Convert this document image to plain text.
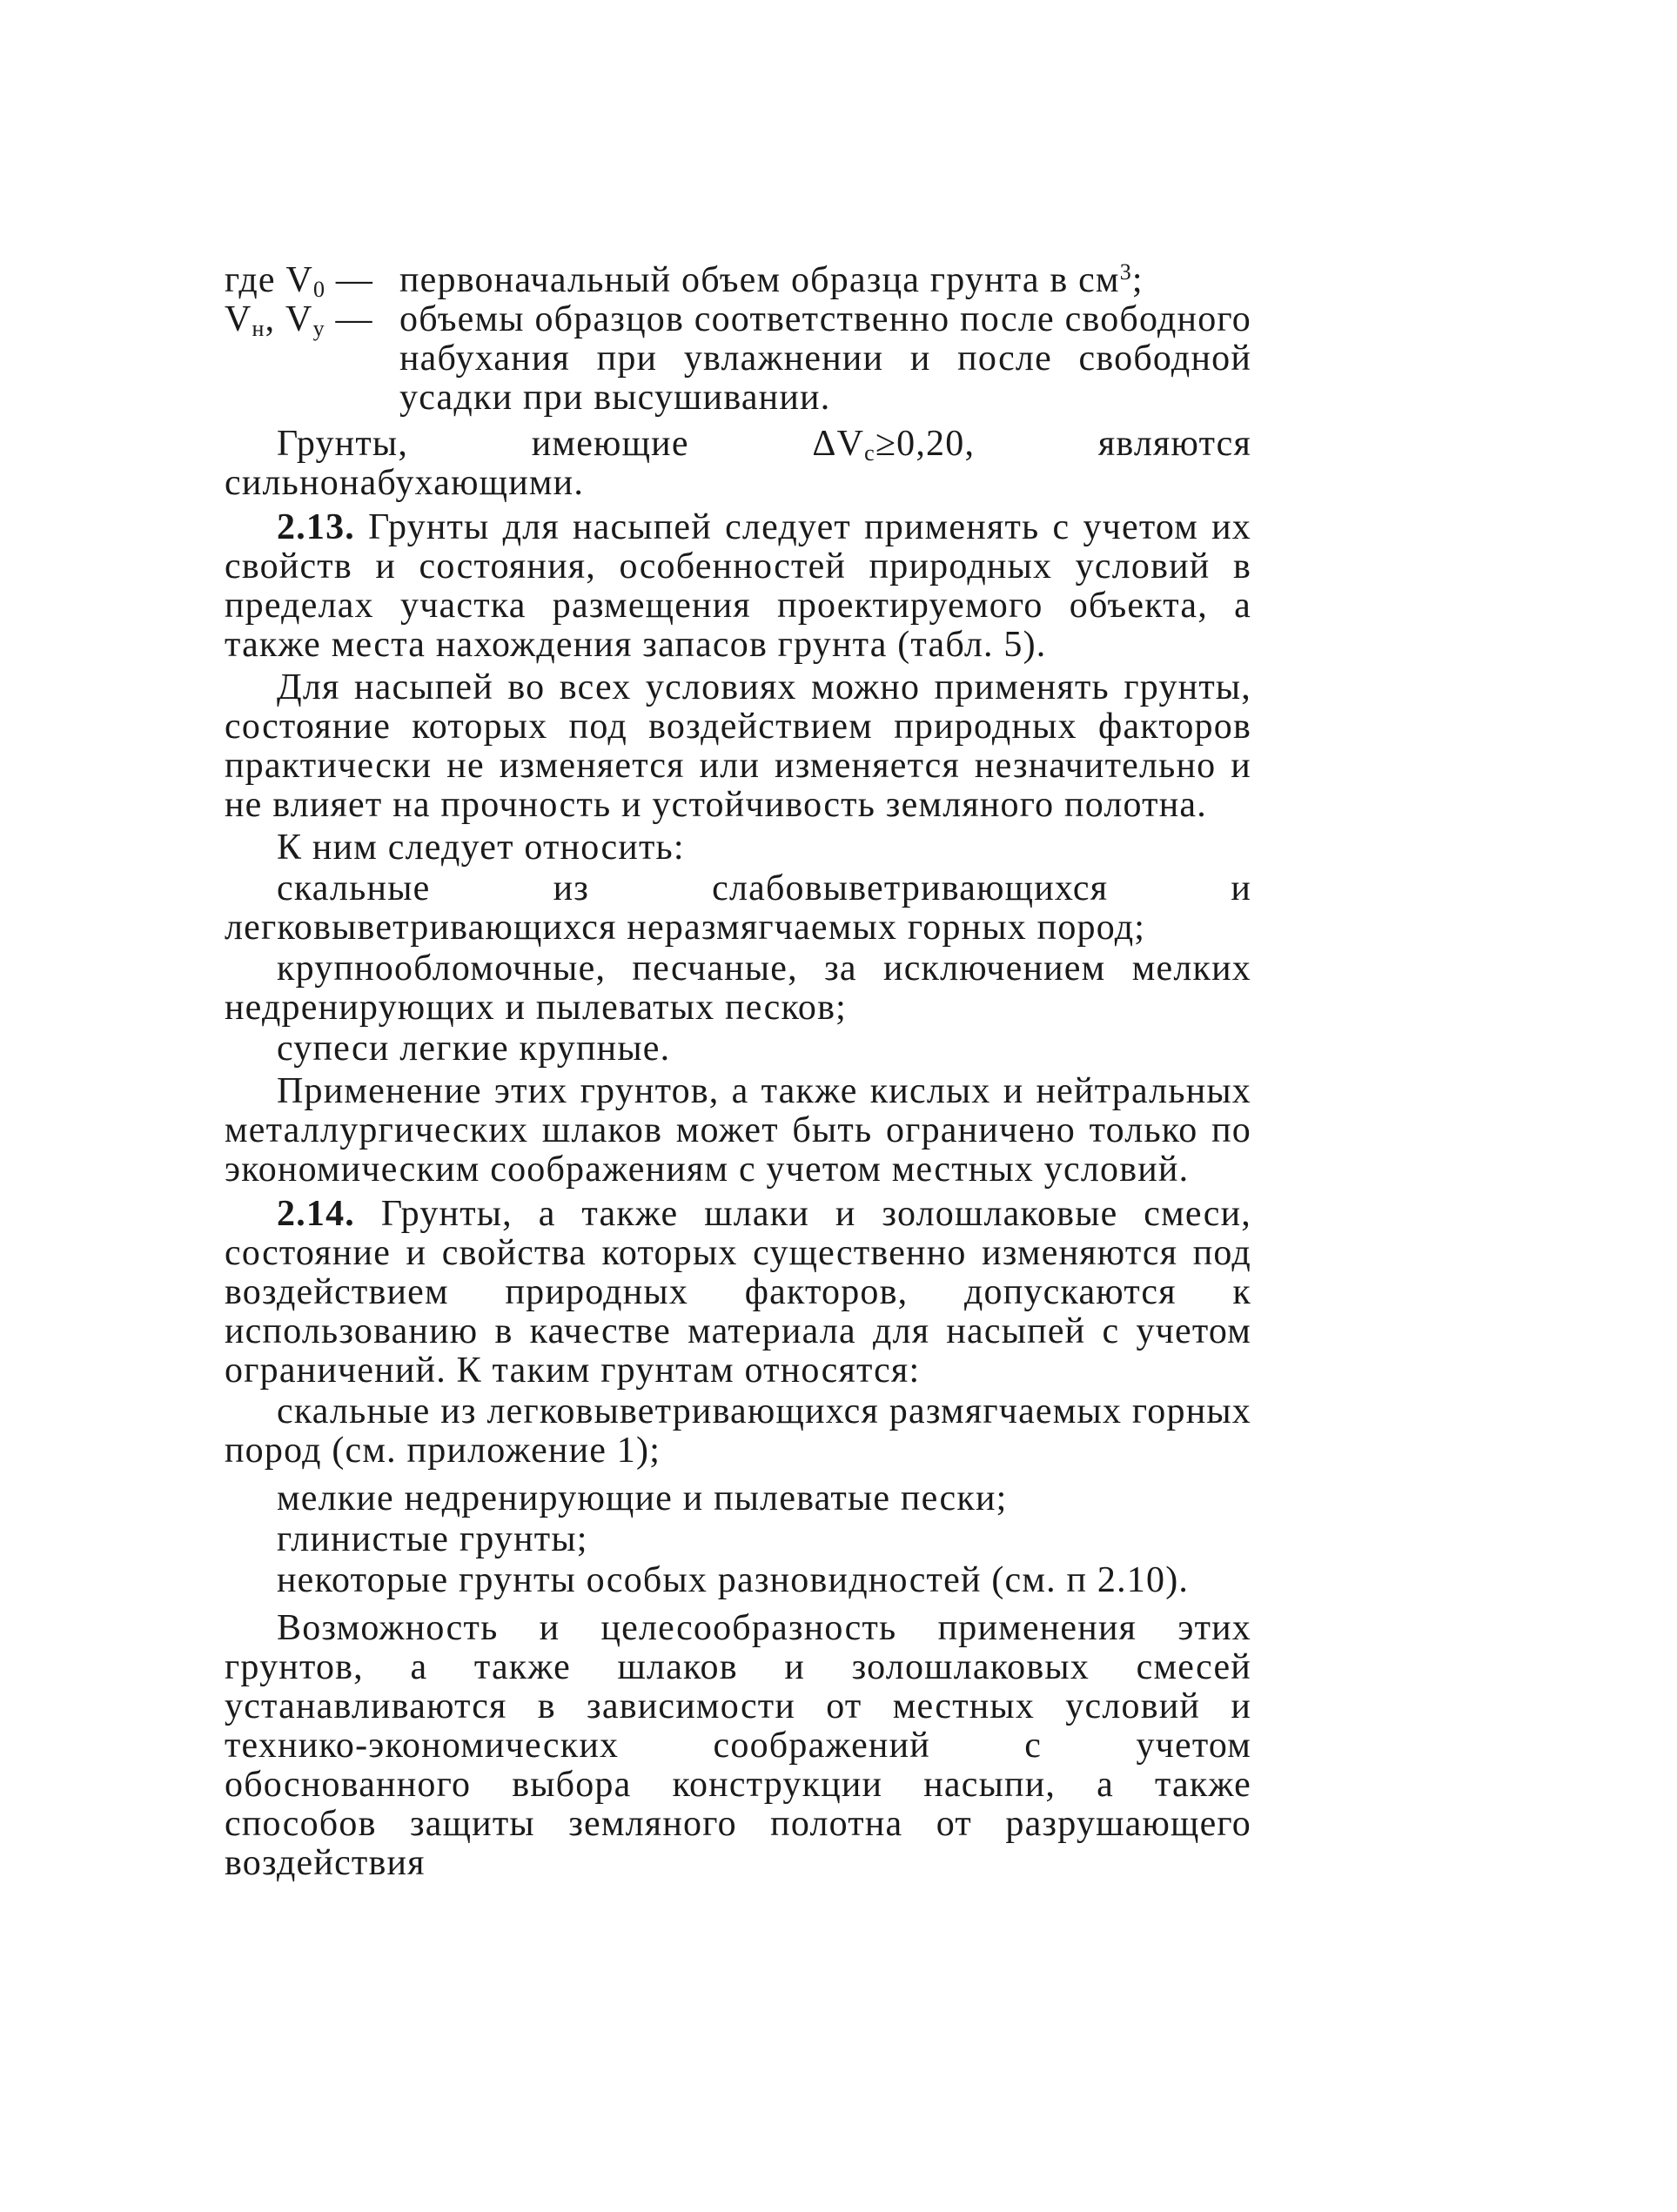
где $V_0$ — первоначальный объем образца грунта в $см^3$;
$V_н$, $V_у$ — объемы образцов соответственно после свободного набухания при увлажнении и после свободной усадки при высушивании.

Грунты, имеющие $\Delta V_c\ge 0,20$, являются сильнонабухающими.

2.13. Грунты для насыпей следует применять с учетом их свойств и состояния, особенностей природных условий в пределах участка размещения проектируемого объекта, а также места нахождения запасов грунта (табл. 5).

Для насыпей во всех условиях можно применять грунты, состояние которых под воздействием природных факторов практически не изменяется или изменяется незначительно и не влияет на прочность и устойчивость земляного полотна.

К ним следует относить:

скальные из слабовыветривающихся и легковыветривающихся неразмягчаемых горных пород;

крупнообломочные, песчаные, за исключением мелких недренирующих и пылеватых песков;

супеси легкие крупные.

Применение этих грунтов, а также кислых и нейтральных металлургических шлаков может быть ограничено только по экономическим соображениям с учетом местных условий.

2.14. Грунты, а также шлаки и золошлаковые смеси, состояние и свойства которых существенно изменяются под воздействием природных факторов, допускаются к использованию в качестве материала для насыпей с учетом ограничений. К таким грунтам относятся:

скальные из легковыветривающихся размягчаемых горных пород (см. приложение 1);

мелкие недренирующие и пылеватые пески;

глинистые грунты;

некоторые грунты особых разновидностей (см. п 2.10).

Возможность и целесообразность применения этих грунтов, а также шлаков и золошлаковых смесей устанавливаются в зависимости от местных условий и технико-экономических соображений с учетом обоснованного выбора конструкции насыпи, а также способов защиты земляного полотна от разрушающего воздействия
